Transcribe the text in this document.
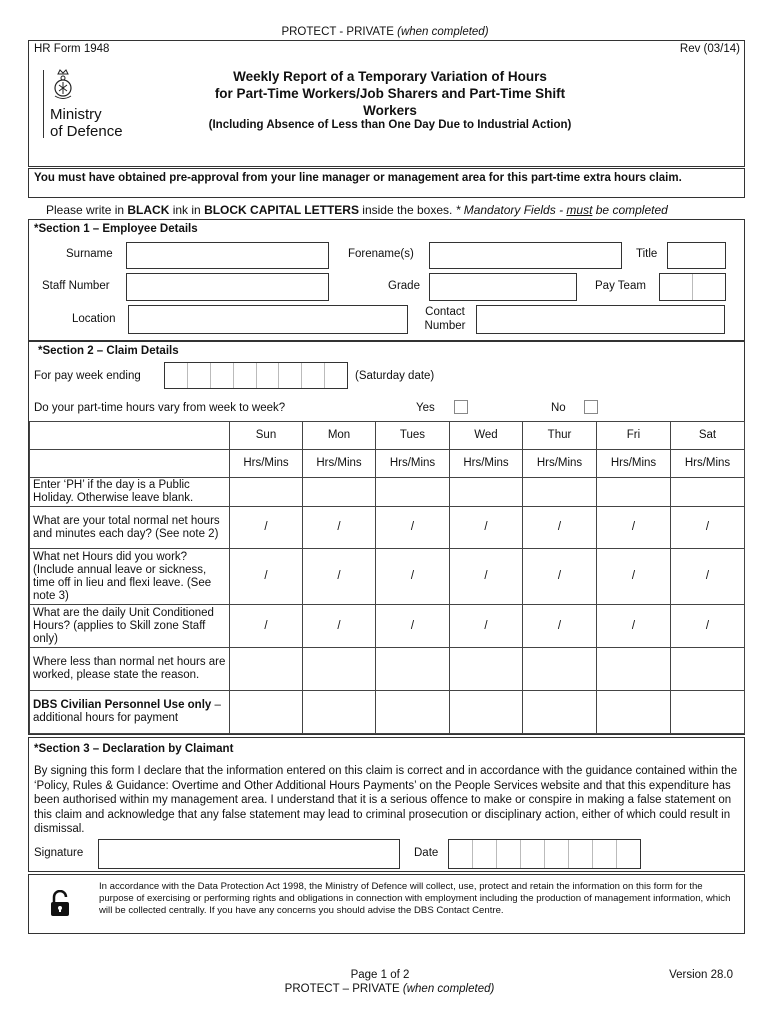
PROTECT - PRIVATE (when completed)
HR Form 1948	Rev (03/14)
Ministry
of Defence
Weekly Report of a Temporary Variation of Hours
for Part-Time Workers/Job Sharers and Part-Time Shift
Workers
(Including Absence of Less than One Day Due to Industrial Action)
You must have obtained pre-approval from your line manager or management area for this part-time extra hours claim.
Please write in BLACK ink in BLOCK CAPITAL LETTERS inside the boxes. * Mandatory Fields - must be completed
*Section 1 – Employee Details
Surname	Forename(s)	Title
Staff Number	Grade	Pay Team
Location
Contact
Number
*Section 2 – Claim Details
For pay week ending	(Saturday date)
Do your part-time hours vary from week to week?	Yes	No
	Sun	Mon	Tues	Wed	Thur	Fri	Sat
	Hrs/Mins	Hrs/Mins	Hrs/Mins	Hrs/Mins	Hrs/Mins	Hrs/Mins	Hrs/Mins
Enter ‘PH’ if the day is a Public Holiday. Otherwise leave blank.							
What are your total normal net hours and minutes each day? (See note 2)	/	/	/	/	/	/	/
What net Hours did you work? (Include annual leave or sickness, time off in lieu and flexi leave. (See note 3)	/	/	/	/	/	/	/
What are the daily Unit Conditioned Hours? (applies to Skill zone Staff only)	/	/	/	/	/	/	/
Where less than normal net hours are worked, please state the reason.							
DBS Civilian Personnel Use only – additional hours for payment							
*Section 3 – Declaration by Claimant
By signing this form I declare that the information entered on this claim is correct and in accordance with the guidance contained within the ‘Policy, Rules & Guidance: Overtime and Other Additional Hours Payments’ on the People Services website and that this expenditure has been authorised within my management area. I understand that it is a serious offence to make or conspire in making a false statement on this claim and acknowledge that any false statement may lead to criminal prosecution or disciplinary action, either of which could result in dismissal.
Signature	Date
In accordance with the Data Protection Act 1998, the Ministry of Defence will collect, use, protect and retain the information on this form for the purpose of exercising or performing rights and obligations in connection with employment including the production of management information, which will be collected centrally. If you have any concerns you should advise the DBS Contact Centre.
Page 1 of 2	Version 28.0
PROTECT – PRIVATE (when completed)
